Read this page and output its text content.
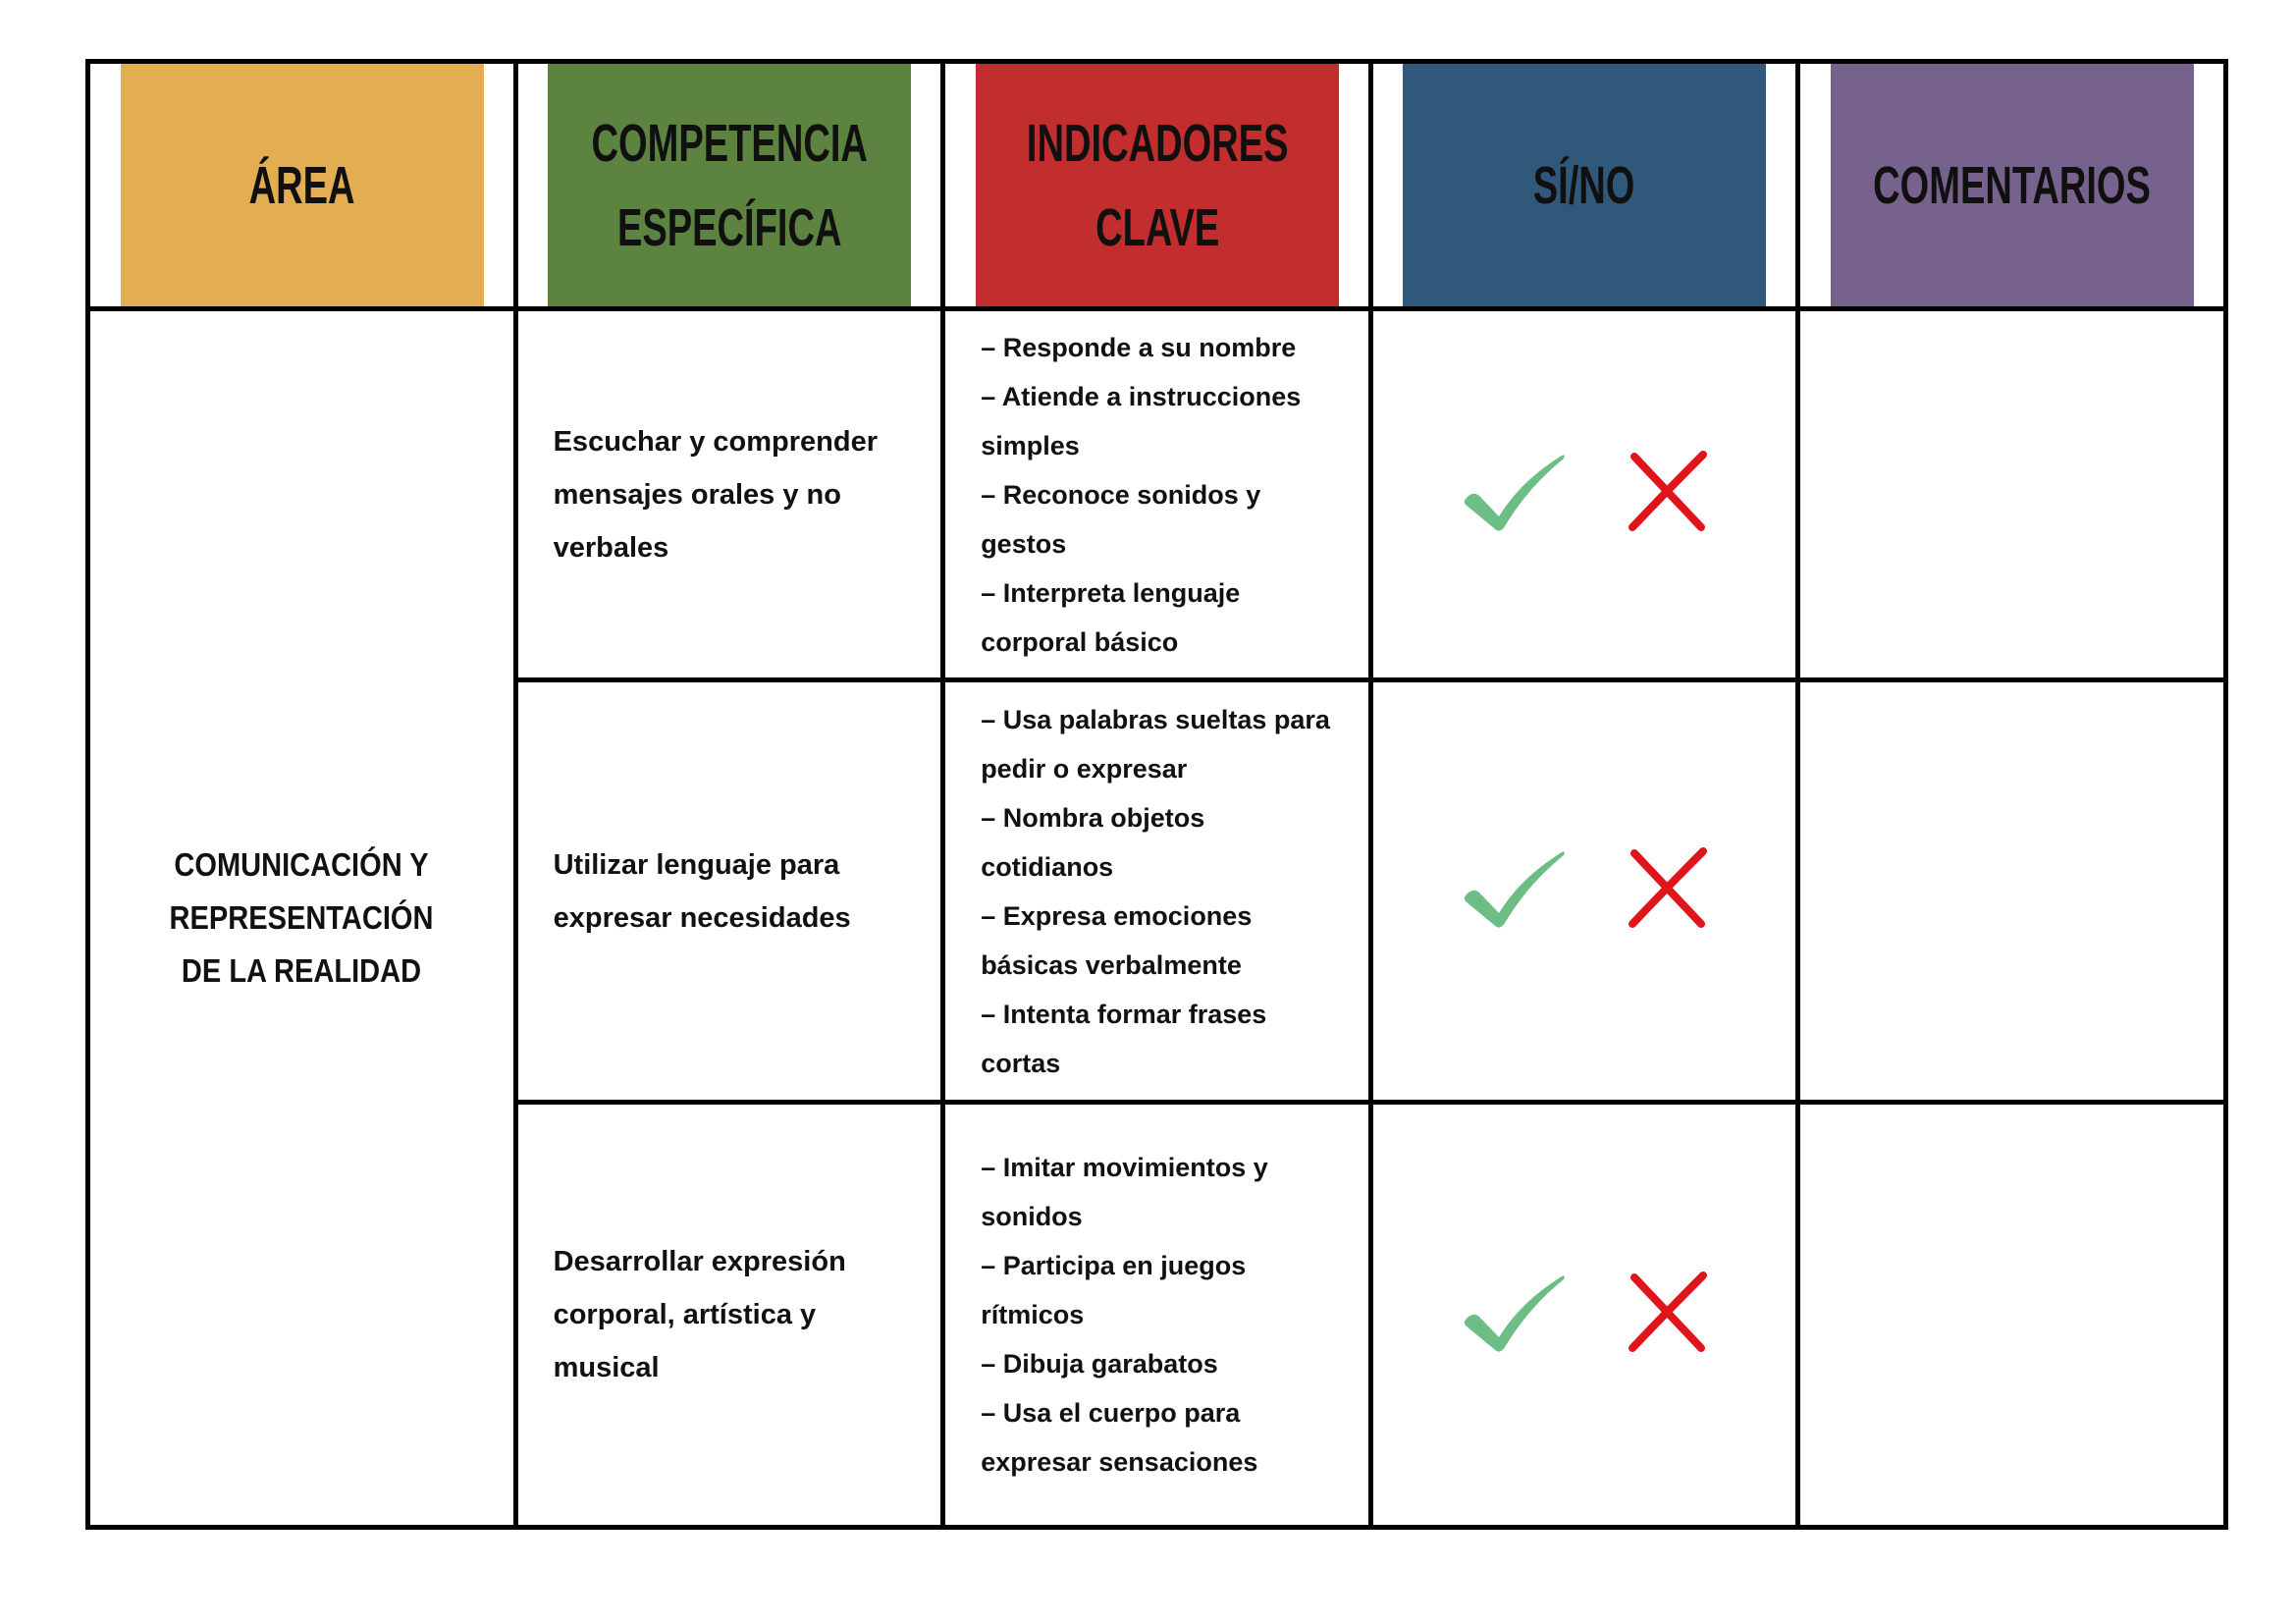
ÁREA	COMPETENCIA ESPECÍFICA	INDICADORES CLAVE	SÍ/NO	COMENTARIOS
COMUNICACIÓN Y REPRESENTACIÓN DE LA REALIDAD	Escuchar y comprender mensajes orales y no verbales	– Responde a su nombre
– Atiende a instrucciones simples
– Reconoce sonidos y gestos
– Interpreta lenguaje corporal básico

	Utilizar lenguaje para expresar necesidades	– Usa palabras sueltas para pedir o expresar
– Nombra objetos cotidianos
– Expresa emociones básicas verbalmente
– Intenta formar frases cortas

	Desarrollar expresión corporal, artística y musical	– Imitar movimientos y sonidos
– Participa en juegos rítmicos
– Dibuja garabatos
– Usa el cuerpo para expresar sensaciones
